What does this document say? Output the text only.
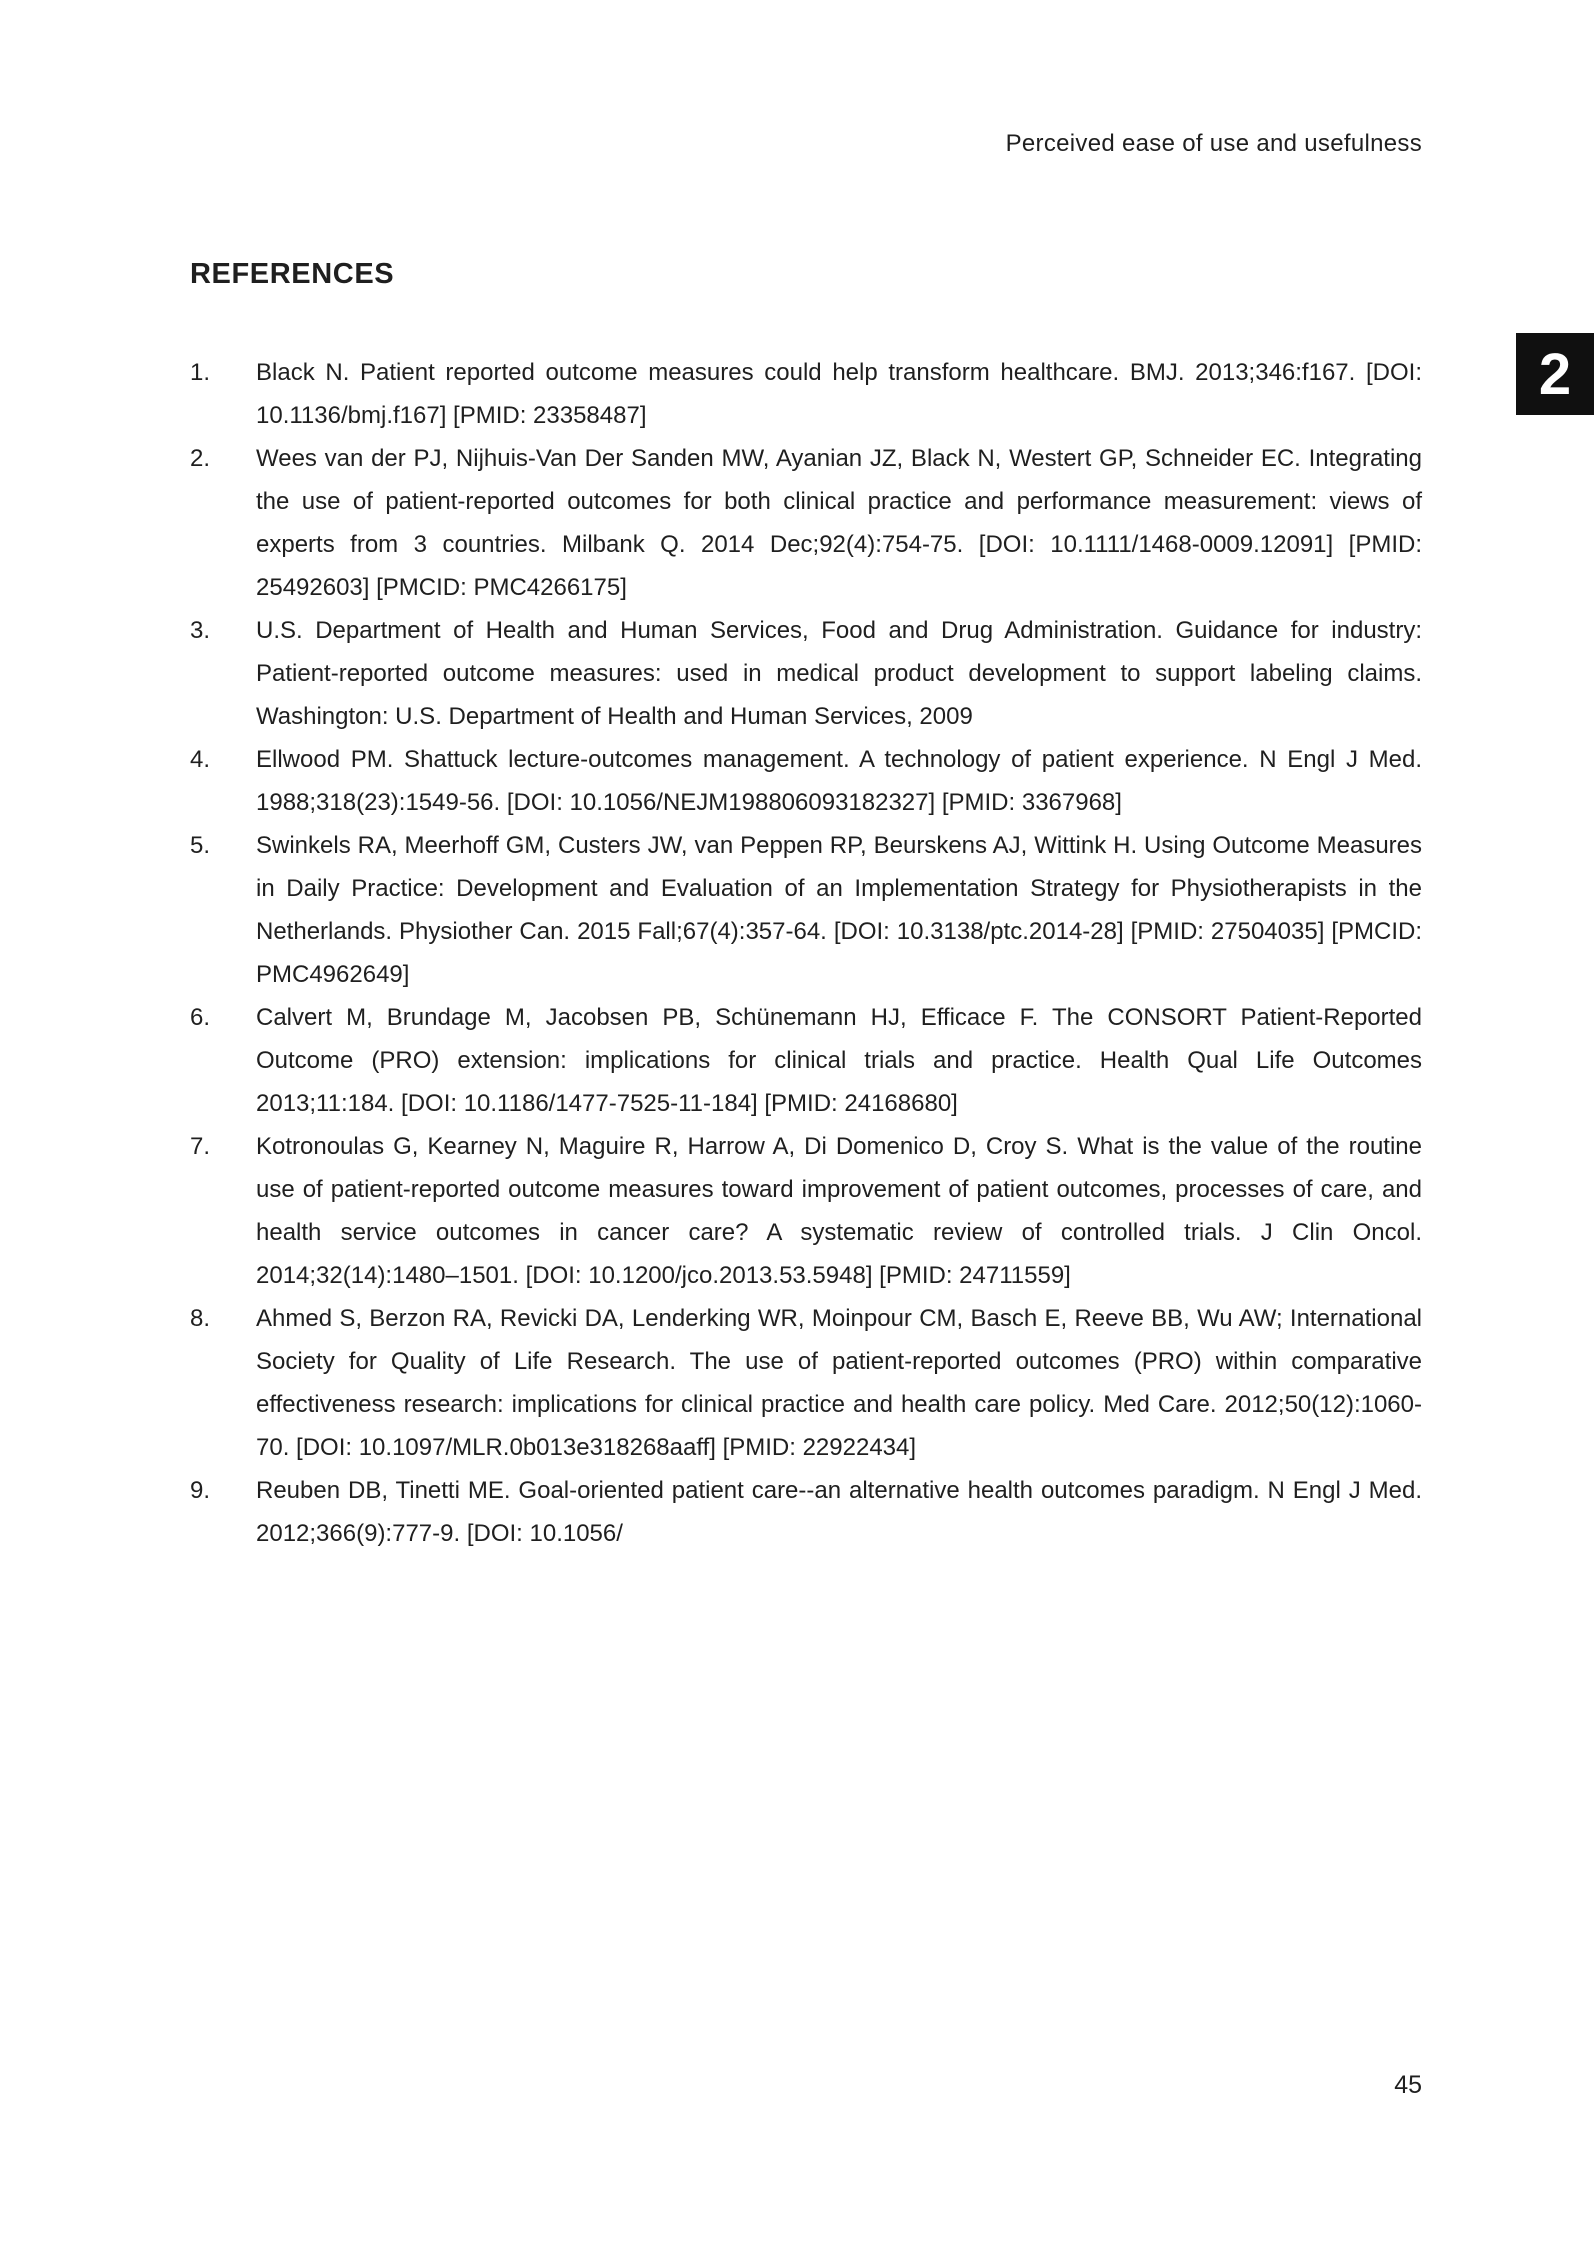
Perceived ease of use and usefulness
2
REFERENCES
1.	Black N. Patient reported outcome measures could help transform healthcare. BMJ. 2013;346:f167. [DOI: 10.1136/bmj.f167] [PMID: 23358487]
2.	Wees van der PJ, Nijhuis-Van Der Sanden MW, Ayanian JZ, Black N, Westert GP, Schneider EC. Integrating the use of patient-reported outcomes for both clinical practice and performance measurement: views of experts from 3 countries. Milbank Q. 2014 Dec;92(4):754-75. [DOI: 10.1111/1468-0009.12091] [PMID: 25492603] [PMCID: PMC4266175]
3.	U.S. Department of Health and Human Services, Food and Drug Administration. Guidance for industry: Patient-reported outcome measures: used in medical product development to support labeling claims. Washington: U.S. Department of Health and Human Services, 2009
4.	Ellwood PM. Shattuck lecture-outcomes management. A technology of patient experience. N Engl J Med. 1988;318(23):1549-56. [DOI: 10.1056/NEJM198806093182327] [PMID: 3367968]
5.	Swinkels RA, Meerhoff GM, Custers JW, van Peppen RP, Beurskens AJ, Wittink H. Using Outcome Measures in Daily Practice: Development and Evaluation of an Implementation Strategy for Physiotherapists in the Netherlands. Physiother Can. 2015 Fall;67(4):357-64. [DOI: 10.3138/ptc.2014-28] [PMID: 27504035] [PMCID: PMC4962649]
6.	Calvert M, Brundage M, Jacobsen PB, Schünemann HJ, Efficace F. The CONSORT Patient-Reported Outcome (PRO) extension: implications for clinical trials and practice. Health Qual Life Outcomes 2013;11:184. [DOI: 10.1186/1477-7525-11-184] [PMID: 24168680]
7.	Kotronoulas G, Kearney N, Maguire R, Harrow A, Di Domenico D, Croy S. What is the value of the routine use of patient-reported outcome measures toward improvement of patient outcomes, processes of care, and health service outcomes in cancer care? A systematic review of controlled trials. J Clin Oncol. 2014;32(14):1480–1501. [DOI: 10.1200/jco.2013.53.5948] [PMID: 24711559]
8.	Ahmed S, Berzon RA, Revicki DA, Lenderking WR, Moinpour CM, Basch E, Reeve BB, Wu AW; International Society for Quality of Life Research. The use of patient-reported outcomes (PRO) within comparative effectiveness research: implications for clinical practice and health care policy. Med Care. 2012;50(12):1060-70. [DOI: 10.1097/MLR.0b013e318268aaff] [PMID: 22922434]
9.	Reuben DB, Tinetti ME. Goal-oriented patient care--an alternative health outcomes paradigm. N Engl J Med. 2012;366(9):777-9. [DOI: 10.1056/
45
